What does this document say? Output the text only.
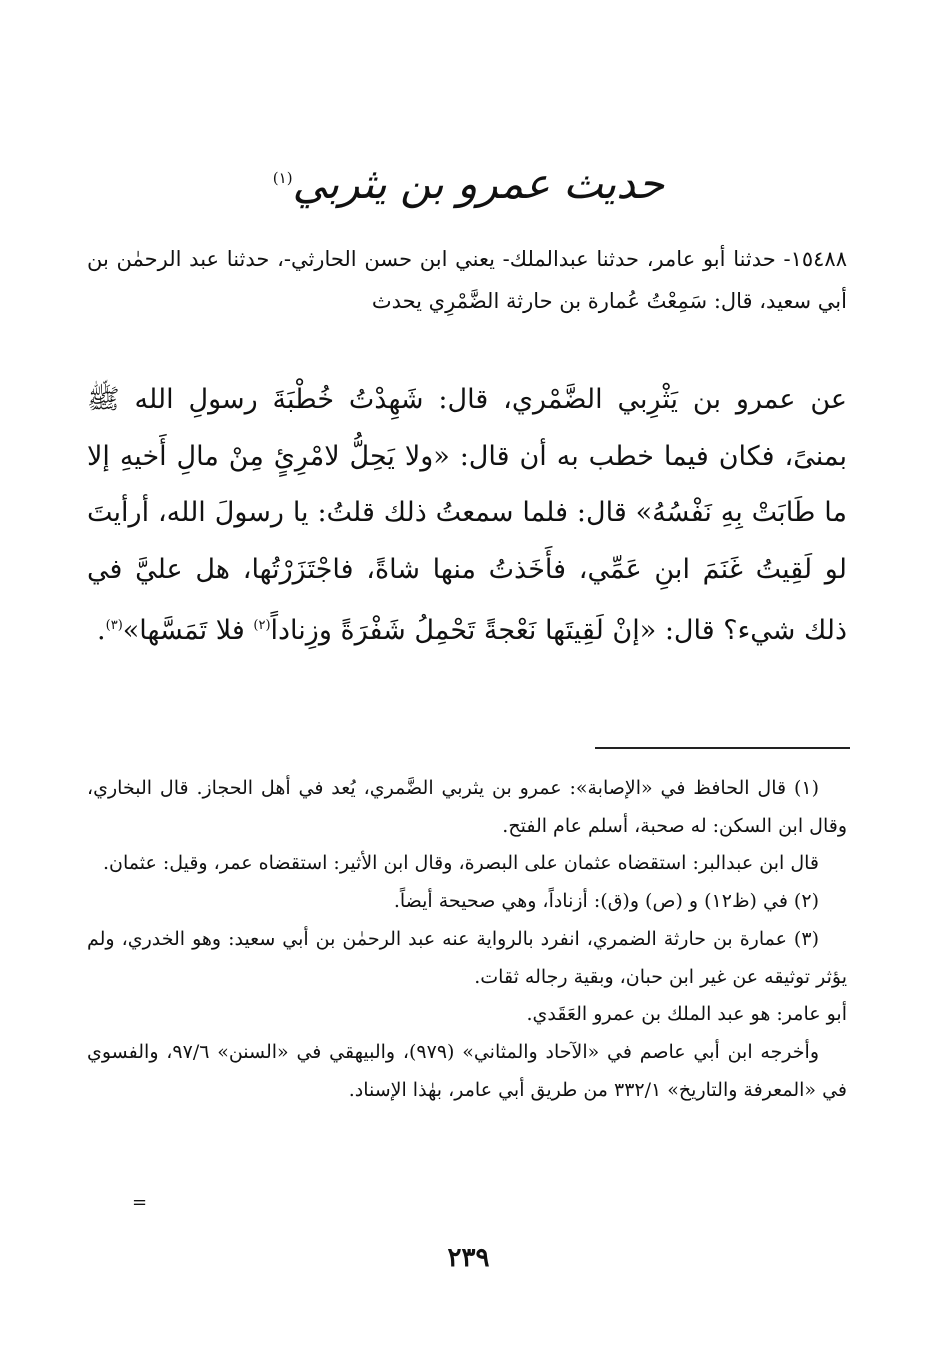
حديث عمرو بن يثربي$^{(١)}$

١٥٤٨٨- حدثنا أبو عامر، حدثنا عبدالملك- يعني ابن حسن الحارثي-، حدثنا عبد الرحمٰن بن أبي سعيد، قال: سَمِعْتُ عُمارة بن حارثة الضَّمْرِي يحدث

عن عمرو بن يَثْرِبي الضَّمْري، قال: شَهِدْتُ خُطْبَةَ رسولِ الله ﷺ بمنىً، فكان فيما خطب به أن قال: «ولا يَحِلُّ لامْرِئٍ مِنْ مالِ أَخيهِ إلا ما طَابَتْ بِهِ نَفْسُهُ» قال: فلما سمعتُ ذلك قلتُ: يا رسولَ الله، أرأيتَ لو لَقِيتُ غَنَمَ ابنِ عَمِّي، فأَخَذتُ منها شاةً، فاجْتَزَرْتُها، هل عليَّ في ذلك شيء؟ قال: «إنْ لَقِيتَها نَعْجةً تَحْمِلُ شَفْرَةً وزِناداً$^{(٢)}$ فلا تَمَسَّها»$^{(٣)}$.

(١) قال الحافظ في «الإصابة»: عمرو بن يثربي الضَّمري، يُعد في أهل الحجاز. قال البخاري، وقال ابن السكن: له صحبة، أسلم عام الفتح.

قال ابن عبدالبر: استقضاه عثمان على البصرة، وقال ابن الأثير: استقضاه عمر، وقيل: عثمان.

(٢) في (ظ١٢) و (ص) و(ق): أزناداً، وهي صحيحة أيضاً.

(٣) عمارة بن حارثة الضمري، انفرد بالرواية عنه عبد الرحمٰن بن أبي سعيد: وهو الخدري، ولم يؤثر توثيقه عن غير ابن حبان، وبقية رجاله ثقات.

أبو عامر: هو عبد الملك بن عمرو العَقَدي.

وأخرجه ابن أبي عاصم في «الآحاد والمثاني» (٩٧٩)، والبيهقي في «السنن» ٩٧/٦، والفسوي في «المعرفة والتاريخ» ٣٣٢/١ من طريق أبي عامر، بهٰذا الإسناد.

=
٢٣٩
